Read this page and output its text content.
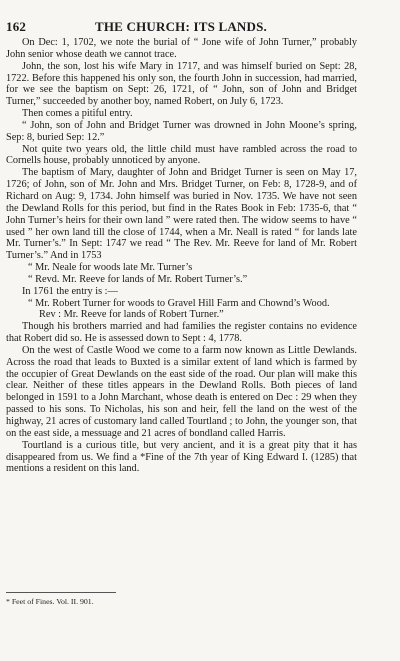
162	THE CHURCH: ITS LANDS.

On Dec: 1, 1702, we note the burial of “ Jone wife of John Turner,” probably John senior whose death we cannot trace.

John, the son, lost his wife Mary in 1717, and was himself buried on Sept: 28, 1722. Before this happened his only son, the fourth John in succession, had married, for we see the baptism on Sept: 26, 1721, of “ John, son of John and Bridget Turner,” succeeded by another boy, named Robert, on July 6, 1723.

Then comes a pitiful entry.

“ John, son of John and Bridget Turner was drowned in John Moone’s spring, Sep: 8, buried Sep: 12.”

Not quite two years old, the little child must have rambled across the road to Cornells house, probably unnoticed by anyone.

The baptism of Mary, daughter of John and Bridget Turner is seen on May 17, 1726; of John, son of Mr. John and Mrs. Bridget Turner, on Feb: 8, 1728-9, and of Richard on Aug: 9, 1734. John himself was buried in Nov. 1735. We have not seen the Dewland Rolls for this period, but find in the Rates Book in Feb: 1735-6, that “ John Turner’s heirs for their own land ” were rated then. The widow seems to have “ used ” her own land till the close of 1744, when a Mr. Neall is rated “ for lands late Mr. Turner’s.” In Sept: 1747 we read “ The Rev. Mr. Reeve for land of Mr. Robert Turner’s.” And in 1753

“ Mr. Neale for woods late Mr. Turner’s

“ Revd. Mr. Reeve for lands of Mr. Robert Turner’s.”

In 1761 the entry is :—

“ Mr. Robert Turner for woods to Gravel Hill Farm and Chownd’s Wood.

Rev : Mr. Reeve for lands of Robert Turner.”

Though his brothers married and had families the register contains no evidence that Robert did so. He is assessed down to Sept : 4, 1778.

On the west of Castle Wood we come to a farm now known as Little Dewlands. Across the road that leads to Buxted is a similar extent of land which is farmed by the occupier of Great Dewlands on the east side of the road. Our plan will make this clear. Neither of these titles appears in the Dewland Rolls. Both pieces of land belonged in 1591 to a John Marchant, whose death is entered on Dec : 29 when they passed to his sons. To Nicholas, his son and heir, fell the land on the west of the highway, 21 acres of customary land called Tourtland ; to John, the younger son, that on the east side, a messuage and 21 acres of bondland called Harris.

Tourtland is a curious title, but very ancient, and it is a great pity that it has disappeared from us. We find a *Fine of the 7th year of King Edward I. (1285) that mentions a resident on this land.

* Feet of Fines. Vol. II. 901.
